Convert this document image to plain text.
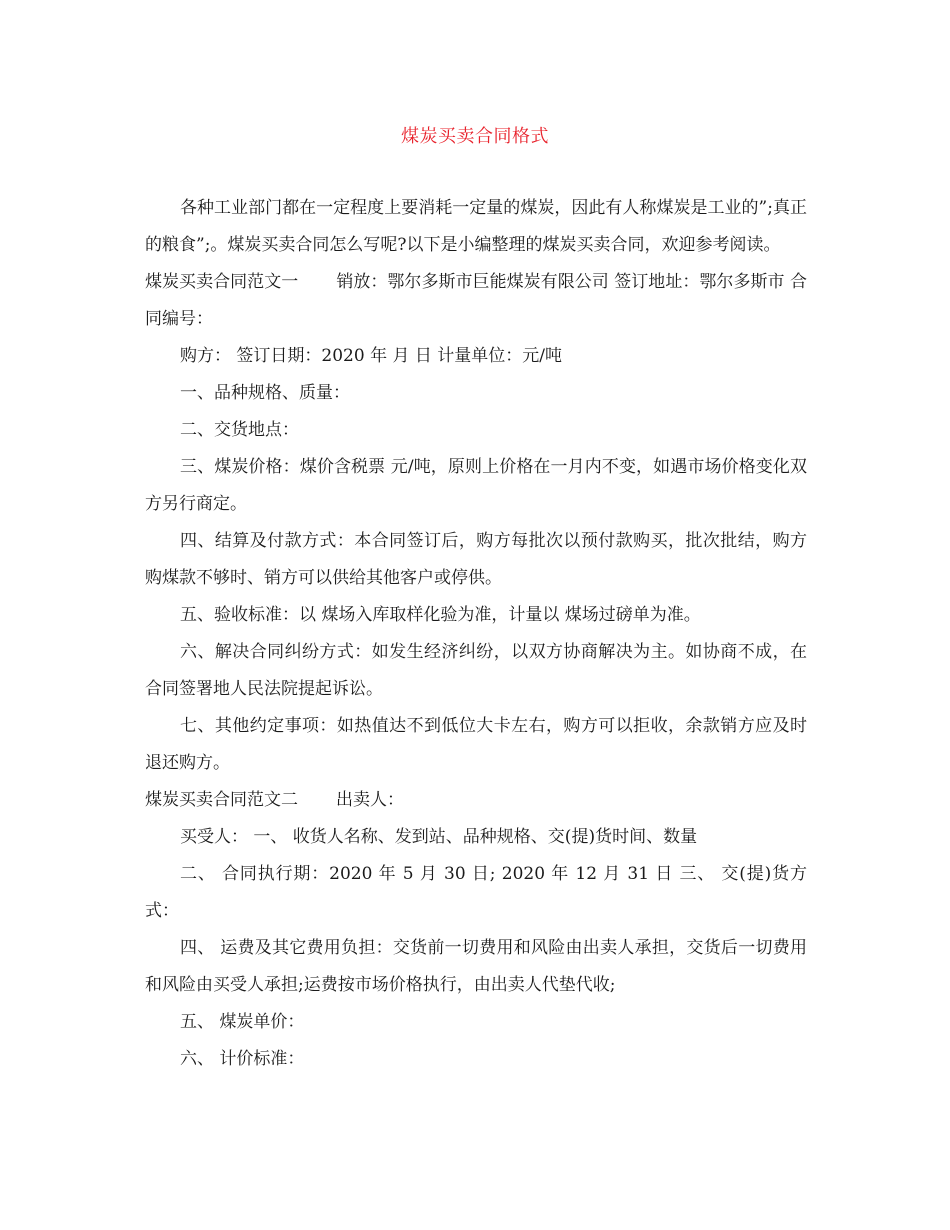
煤炭买卖合同格式

各种工业部门都在一定程度上要消耗一定量的煤炭，因此有人称煤炭是工业的”;真正的粮食”;。煤炭买卖合同怎么写呢?以下是小编整理的煤炭买卖合同，欢迎参考阅读。

煤炭买卖合同范文一 销放：鄂尔多斯市巨能煤炭有限公司 签订地址：鄂尔多斯市 合同编号：

购方： 签订日期：2020 年 月 日 计量单位：元/吨

一、品种规格、质量：

二、交货地点：

三、煤炭价格：煤价含税票 元/吨，原则上价格在一月内不变，如遇市场价格变化双方另行商定。

四、结算及付款方式：本合同签订后，购方每批次以预付款购买，批次批结，购方购煤款不够时、销方可以供给其他客户或停供。

五、验收标准：以 煤场入库取样化验为准，计量以 煤场过磅单为准。

六、解决合同纠纷方式：如发生经济纠纷，以双方协商解决为主。如协商不成，在合同签署地人民法院提起诉讼。

七、其他约定事项：如热值达不到低位大卡左右，购方可以拒收，余款销方应及时退还购方。

煤炭买卖合同范文二 出卖人：

买受人： 一、 收货人名称、发到站、品种规格、交(提)货时间、数量

二、 合同执行期：2020 年 5 月 30 日; 2020 年 12 月 31 日 三、 交(提)货方式：

四、 运费及其它费用负担：交货前一切费用和风险由出卖人承担，交货后一切费用和风险由买受人承担;运费按市场价格执行，由出卖人代垫代收;

五、 煤炭单价：

六、 计价标准：
